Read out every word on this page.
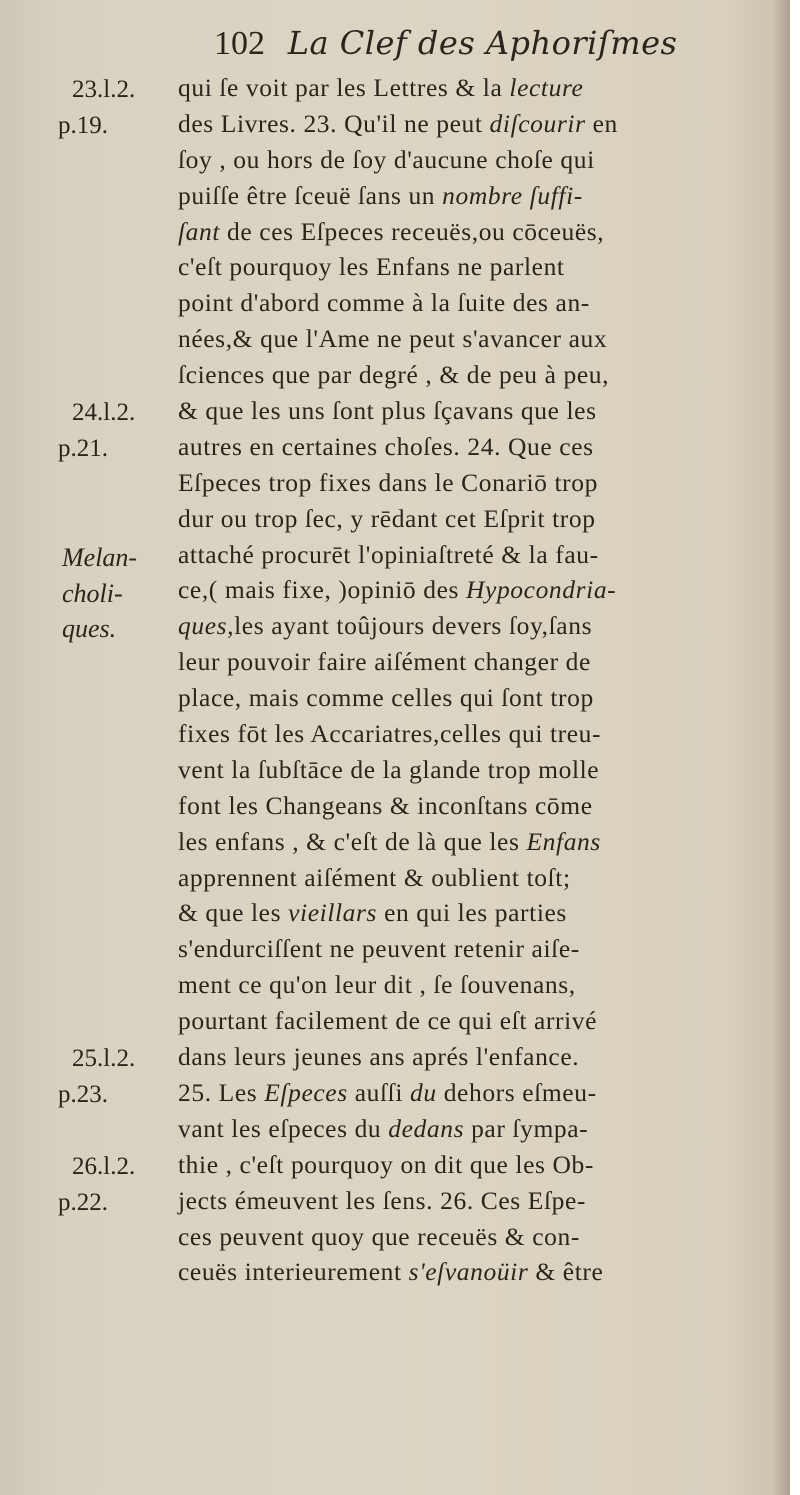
102 La Clef des Aphoriſmes
23.l.2.
p.19.
24.l.2.
p.21.
Melan-
choli-
ques.
25.l.2.
p.23.
26.l.2.
p.22.
qui ſe voit par les Lettres & la lecture
des Livres. 23. Qu'il ne peut diſcourir en
ſoy , ou hors de ſoy d'aucune choſe qui
puiſſe être ſceuë ſans un nombre ſuffi-
ſant de ces Eſpeces receuës,ou cōceuës,
c'eſt pourquoy les Enfans ne parlent
point d'abord comme à la ſuite des an-
nées,& que l'Ame ne peut s'avancer aux
ſciences que par degré , & de peu à peu,
& que les uns ſont plus ſçavans que les
autres en certaines choſes. 24. Que ces
Eſpeces trop fixes dans le Conariō trop
dur ou trop ſec, y rēdant cet Eſprit trop
attaché procurēt l'opiniaſtreté & la fau-
ce,( mais fixe, )opiniō des Hypocondria-
ques,les ayant toûjours devers ſoy,ſans
leur pouvoir faire aiſément changer de
place, mais comme celles qui ſont trop
fixes fōt les Accariatres,celles qui treu-
vent la ſubſtāce de la glande trop molle
font les Changeans & inconſtans cōme
les enfans , & c'eſt de là que les Enfans
apprennent aiſément & oublient toſt;
& que les vieillars en qui les parties
s'endurciſſent ne peuvent retenir aiſe-
ment ce qu'on leur dit , ſe ſouvenans,
pourtant facilement de ce qui eſt arrivé
dans leurs jeunes ans aprés l'enfance.
25. Les Eſpeces auſſi du dehors eſmeu-
vant les eſpeces du dedans par ſympa-
thie , c'eſt pourquoy on dit que les Ob-
jects émeuvent les ſens. 26. Ces Eſpe-
ces peuvent quoy que receuës & con-
ceuës interieurement s'eſvanoüir & être
